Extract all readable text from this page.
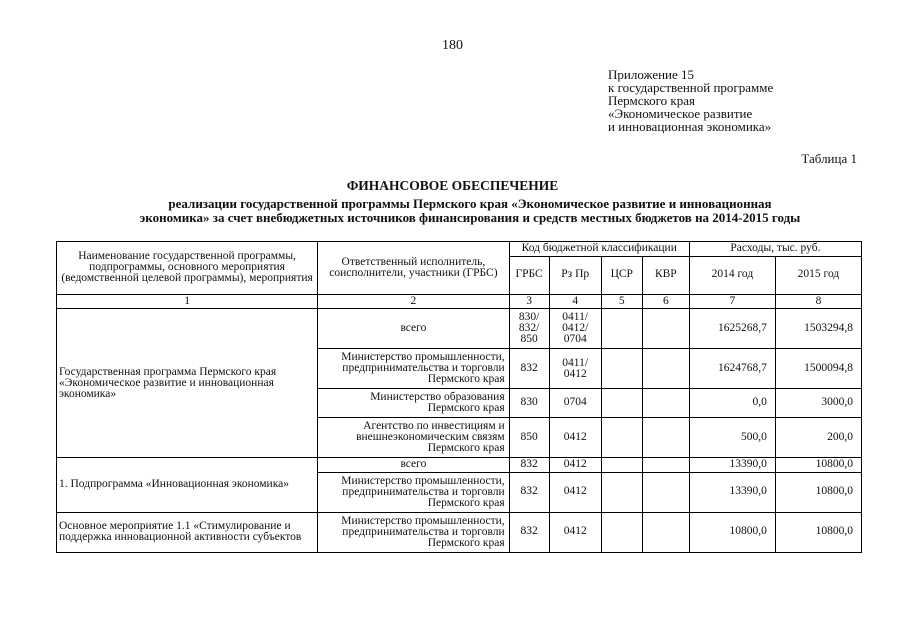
180
Приложение 15
к государственной программе
Пермского края
«Экономическое развитие
и инновационная экономика»
Таблица 1
ФИНАНСОВОЕ ОБЕСПЕЧЕНИЕ
реализации государственной программы Пермского края «Экономическое развитие и инновационная
экономика» за счет внебюджетных источников финансирования и средств местных бюджетов на 2014-2015 годы
Наименование государственной программы, подпрограммы, основного мероприятия (ведомственной целевой программы), мероприятия	Ответственный исполнитель, соисполнители, участники (ГРБС)	Код бюджетной классификации				Расходы, тыс. руб.	
		ГРБС	Рз Пр	ЦСР	КВР	2014 год	2015 год
1	2	3	4	5	6	7	8
Государственная программа Пермского края «Экономическое развитие и инновационная экономика»	всего	830/ 832/ 850	0411/ 0412/ 0704			1625268,7	1503294,8
	Министерство промышленности, предпринимательства и торговли Пермского края	832	0411/ 0412			1624768,7	1500094,8
	Министерство образования Пермского края	830	0704			0,0	3000,0
	Агентство по инвестициям и внешнеэкономическим связям Пермского края	850	0412			500,0	200,0
1. Подпрограмма «Инновационная экономика»	всего	832	0412			13390,0	10800,0
	Министерство промышленности, предпринимательства и торговли Пермского края	832	0412			13390,0	10800,0
Основное мероприятие 1.1 «Стимулирование и поддержка инновационной активности субъектов	Министерство промышленности, предпринимательства и торговли Пермского края	832	0412			10800,0	10800,0
